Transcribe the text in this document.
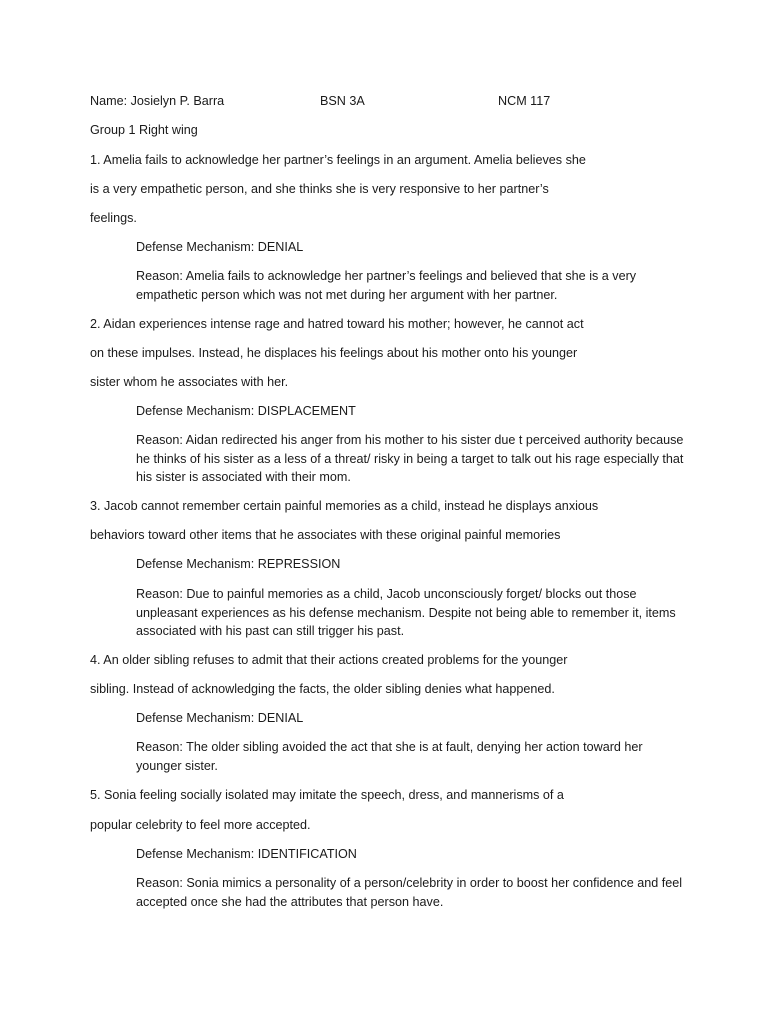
Name: Josielyn P. Barra	BSN 3A	NCM 117
Group 1 Right wing
1. Amelia fails to acknowledge her partner’s feelings in an argument. Amelia believes she
is a very empathetic person, and she thinks she is very responsive to her partner’s
feelings.
Defense Mechanism: DENIAL
Reason: Amelia fails to acknowledge her partner’s feelings and believed that she is a very empathetic person which was not met during her argument with her partner.
2. Aidan experiences intense rage and hatred toward his mother; however, he cannot act
on these impulses. Instead, he displaces his feelings about his mother onto his younger
sister whom he associates with her.
Defense Mechanism: DISPLACEMENT
Reason: Aidan redirected his anger from his mother to his sister due t perceived authority because he thinks of his sister as a less of a threat/ risky in being a target to talk out his rage especially that his sister is associated with their mom.
3. Jacob cannot remember certain painful memories as a child, instead he displays anxious
behaviors toward other items that he associates with these original painful memories
Defense Mechanism: REPRESSION
Reason: Due to painful memories as a child, Jacob unconsciously forget/ blocks out those unpleasant experiences as his defense mechanism. Despite not being able to remember it, items associated with his past can still trigger his past.
4. An older sibling refuses to admit that their actions created problems for the younger
sibling. Instead of acknowledging the facts, the older sibling denies what happened.
Defense Mechanism: DENIAL
Reason: The older sibling avoided the act that she is at fault, denying her action toward her younger sister.
5. Sonia feeling socially isolated may imitate the speech, dress, and mannerisms of a
popular celebrity to feel more accepted.
Defense Mechanism: IDENTIFICATION
Reason: Sonia mimics a personality of a person/celebrity in order to boost her confidence and feel accepted once she had the attributes that person have.
